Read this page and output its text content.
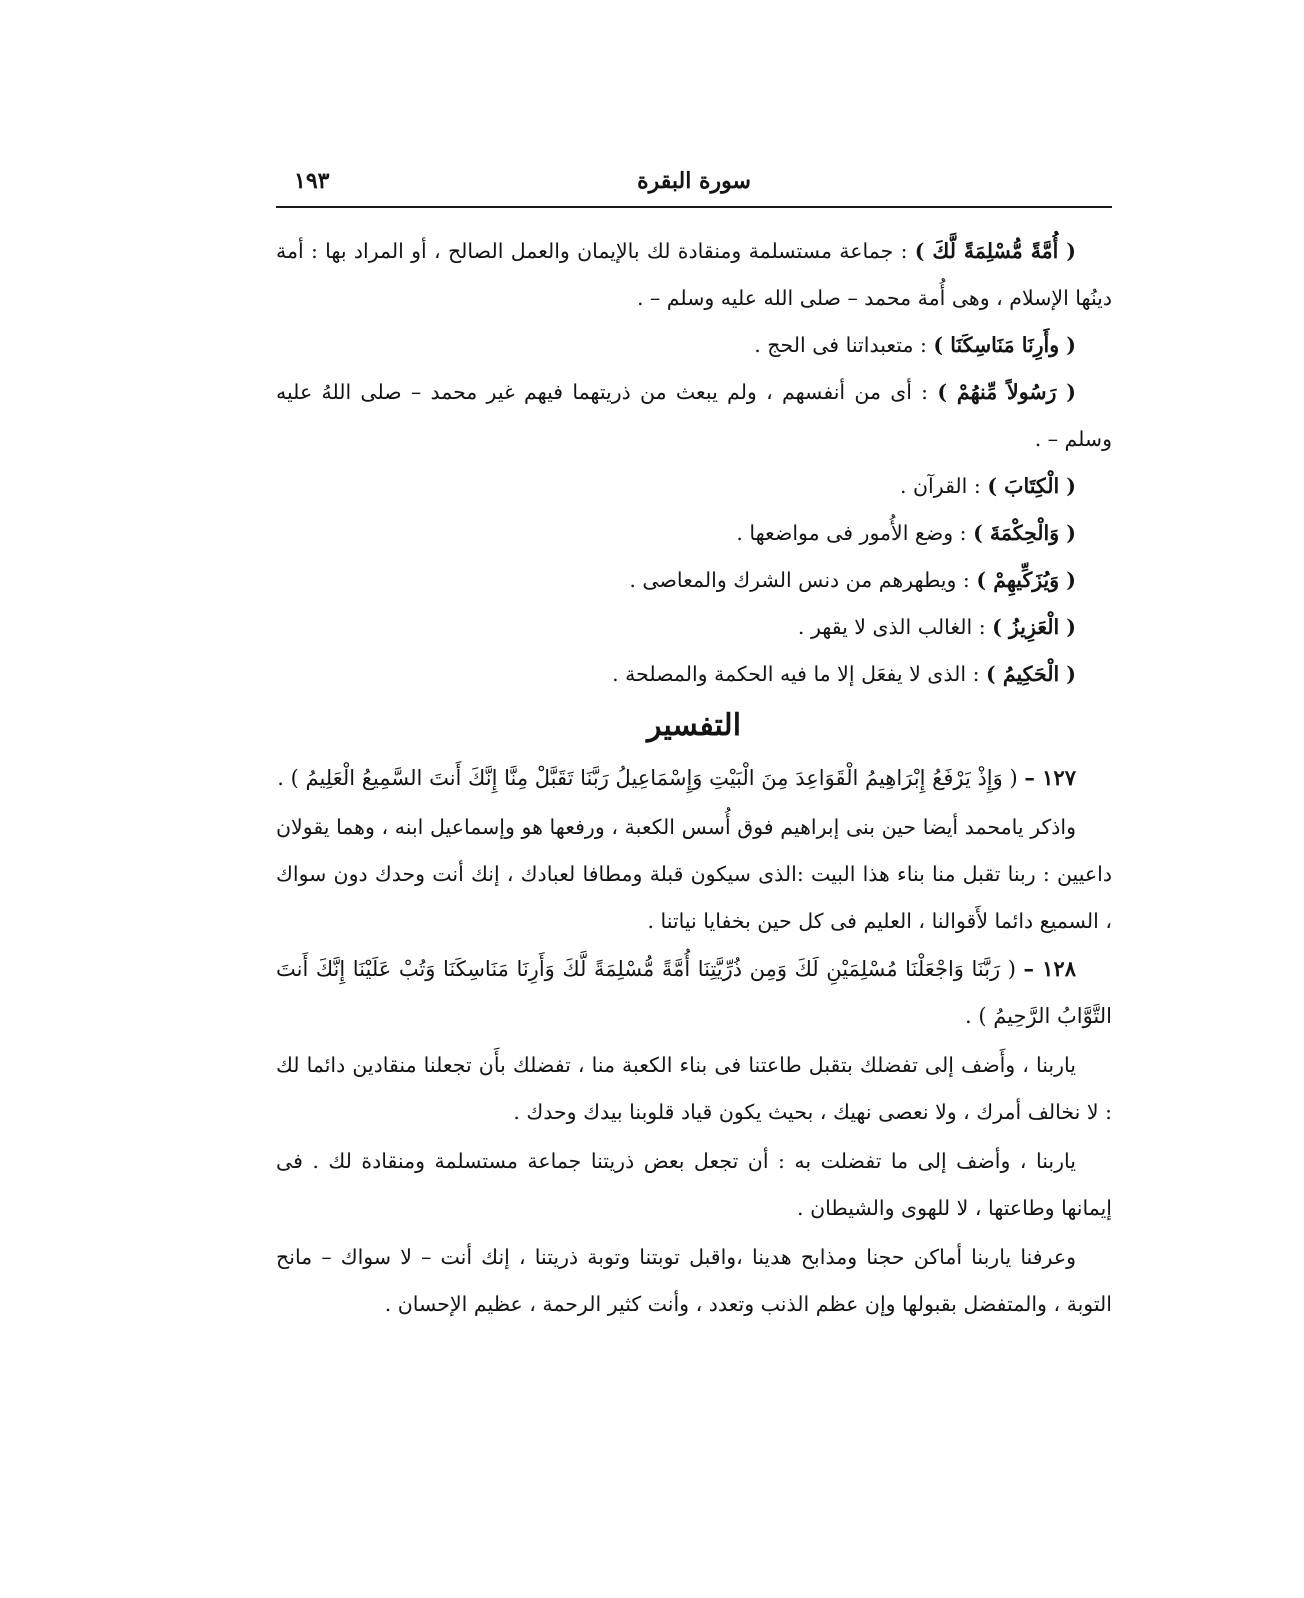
سورة البقرة
١٩٣

( أُمَّةً مُّسْلِمَةً لَّكَ ) : جماعة مستسلمة ومنقادة لك بالإيمان والعمل الصالح ، أو المراد بها : أمة دينُها الإسلام ، وهى أُمة محمد – صلى الله عليه وسلم – .

( وأَرِنَا مَنَاسِكَنَا ) : متعبداتنا فى الحج .

( رَسُولاً مِّنهُمْ ) : أى من أنفسهم ، ولم يبعث من ذريتهما فيهم غير محمد – صلى اللهُ عليه وسلم – .

( الْكِتَابَ ) : القرآن .

( وَالْحِكْمَةَ ) : وضع الأُمور فى مواضعها .

( وَيُزَكِّيهِمْ ) : ويطهرهم من دنس الشرك والمعاصى .

( الْعَزِيزُ ) : الغالب الذى لا يقهر .

( الْحَكِيمُ ) : الذى لا يفعَل إلا ما فيه الحكمة والمصلحة .

التفسير

١٢٧ – ( وَإِذْ يَرْفَعُ إِبْرَاهِيمُ الْقَوَاعِدَ مِنَ الْبَيْتِ وَإِسْمَاعِيلُ رَبَّنَا تَقَبَّلْ مِنَّا إِنَّكَ أَنتَ السَّمِيعُ الْعَلِيمُ ) .

واذكر يامحمد أيضا حين بنى إبراهيم فوق أُسس الكعبة ، ورفعها هو وإسماعيل ابنه ، وهما يقولان داعيين : ربنا تقبل منا بناء هذا البيت :الذى سيكون قبلة ومطافا لعبادك ، إنك أنت وحدك دون سواك ، السميع دائما لأَقوالنا ، العليم فى كل حين بخفايا نياتنا .

١٢٨ – ( رَبَّنَا وَاجْعَلْنَا مُسْلِمَيْنِ لَكَ وَمِن ذُرِّيَّتِنَا أُمَّةً مُّسْلِمَةً لَّكَ وَأَرِنَا مَنَاسِكَنَا وَتُبْ عَلَيْنَا إِنَّكَ أَنتَ التَّوَّابُ الرَّحِيمُ ) .

ياربنا ، وأَضف إلى تفضلك بتقبل طاعتنا فى بناء الكعبة منا ، تفضلك بأَن تجعلنا منقادين دائما لك : لا نخالف أمرك ، ولا نعصى نهيك ، بحيث يكون قياد قلوبنا بيدك وحدك .

ياربنا ، وأضف إلى ما تفضلت به : أن تجعل بعض ذريتنا جماعة مستسلمة ومنقادة لك . فى إيمانها وطاعتها ، لا للهوى والشيطان .

وعرفنا ياربنا أماكن حجنا ومذابح هدينا ،واقبل توبتنا وتوبة ذريتنا ، إنك أنت – لا سواك – مانح التوبة ، والمتفضل بقبولها وإن عظم الذنب وتعدد ، وأنت كثير الرحمة ، عظيم الإحسان .
